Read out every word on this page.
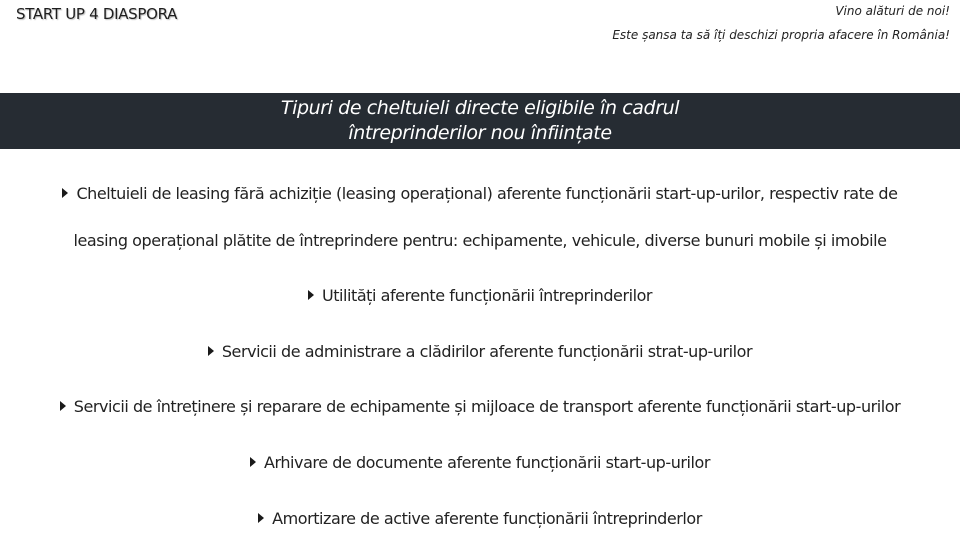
START UP 4 DIASPORA	Vino alături de noi!
Este șansa ta să îți deschizi propria afacere în România!
Tipuri de cheltuieli directe eligibile în cadrul
întreprinderilor nou înființate
Cheltuieli de leasing fără achiziție (leasing operațional) aferente funcționării start-up-urilor, respectiv rate de
leasing operațional plătite de întreprindere pentru: echipamente, vehicule, diverse bunuri mobile și imobile
Utilități aferente funcționării întreprinderilor
Servicii de administrare a clădirilor aferente funcționării strat-up-urilor
Servicii de întreținere și reparare de echipamente și mijloace de transport aferente funcționării start-up-urilor
Arhivare de documente aferente funcționării start-up-urilor
Amortizare de active aferente funcționării întreprinderlor
